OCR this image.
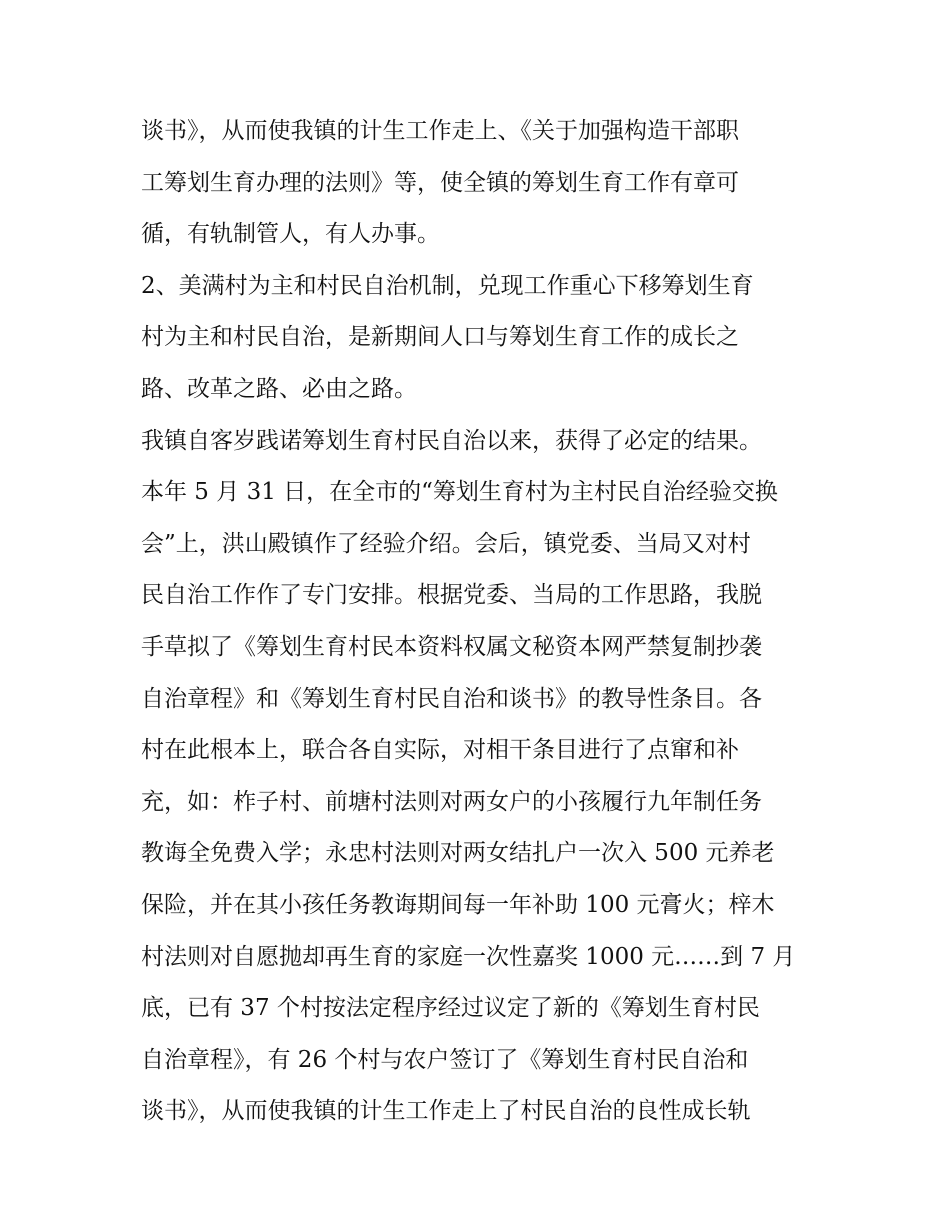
谈书》，从而使我镇的计生工作走上、《关于加强构造干部职
工筹划生育办理的法则》等，使全镇的筹划生育工作有章可
循，有轨制管人，有人办事。
2、美满村为主和村民自治机制，兑现工作重心下移筹划生育
村为主和村民自治，是新期间人口与筹划生育工作的成长之
路、改革之路、必由之路。
我镇自客岁践诺筹划生育村民自治以来，获得了必定的结果。
本年 5 月 31 日，在全市的“筹划生育村为主村民自治经验交换
会”上，洪山殿镇作了经验介绍。会后，镇党委、当局又对村
民自治工作作了专门安排。根据党委、当局的工作思路，我脱
手草拟了《筹划生育村民本资料权属文秘资本网严禁复制抄袭
自治章程》和《筹划生育村民自治和谈书》的教导性条目。各
村在此根本上，联合各自实际，对相干条目进行了点窜和补
充，如：柞子村、前塘村法则对两女户的小孩履行九年制任务
教诲全免费入学；永忠村法则对两女结扎户一次入 500 元养老
保险，并在其小孩任务教诲期间每一年补助 100 元膏火；梓木
村法则对自愿抛却再生育的家庭一次性嘉奖 1000 元……到 7 月
底，已有 37 个村按法定程序经过议定了新的《筹划生育村民
自治章程》，有 26 个村与农户签订了《筹划生育村民自治和
谈书》，从而使我镇的计生工作走上了村民自治的良性成长轨
